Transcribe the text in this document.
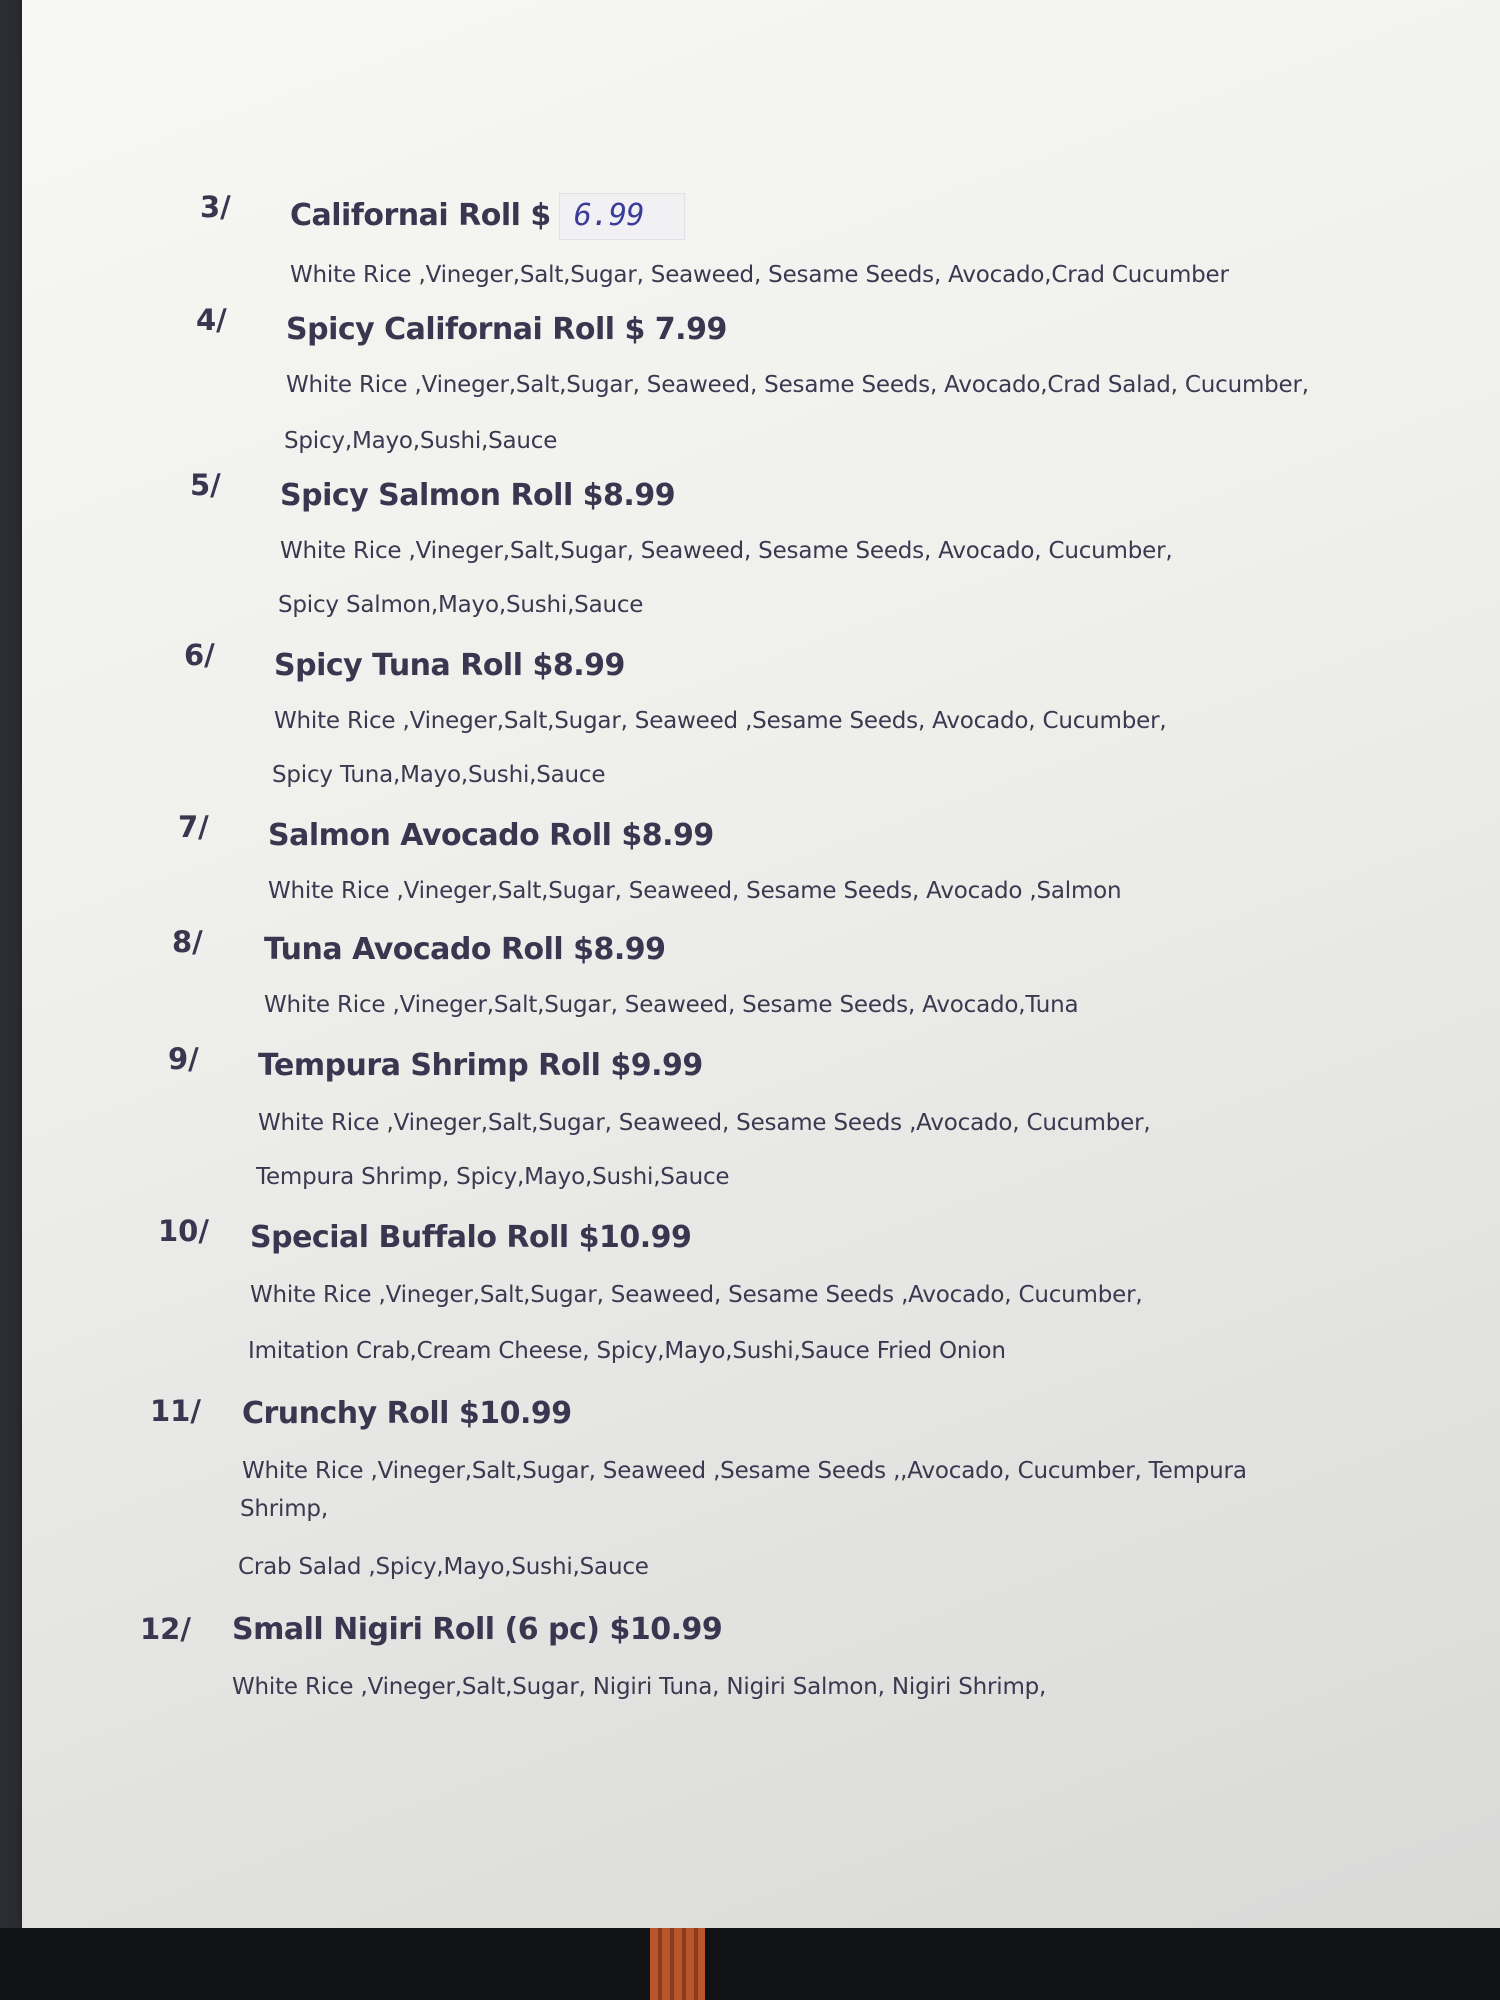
3/ Californai Roll $ 6.99
White Rice ,Vineger,Salt,Sugar, Seaweed, Sesame Seeds, Avocado,Crad Cucumber
4/ Spicy Californai Roll $ 7.99
White Rice ,Vineger,Salt,Sugar, Seaweed, Sesame Seeds, Avocado,Crad Salad, Cucumber,
Spicy,Mayo,Sushi,Sauce
5/ Spicy Salmon Roll $8.99
White Rice ,Vineger,Salt,Sugar, Seaweed, Sesame Seeds, Avocado, Cucumber,
Spicy Salmon,Mayo,Sushi,Sauce
6/ Spicy Tuna Roll $8.99
White Rice ,Vineger,Salt,Sugar, Seaweed ,Sesame Seeds, Avocado, Cucumber,
Spicy Tuna,Mayo,Sushi,Sauce
7/ Salmon Avocado Roll $8.99
White Rice ,Vineger,Salt,Sugar, Seaweed, Sesame Seeds, Avocado ,Salmon
8/ Tuna Avocado Roll $8.99
White Rice ,Vineger,Salt,Sugar, Seaweed, Sesame Seeds, Avocado,Tuna
9/ Tempura Shrimp Roll $9.99
White Rice ,Vineger,Salt,Sugar, Seaweed, Sesame Seeds ,Avocado, Cucumber,
Tempura Shrimp, Spicy,Mayo,Sushi,Sauce
10/ Special Buffalo Roll $10.99
White Rice ,Vineger,Salt,Sugar, Seaweed, Sesame Seeds ,Avocado, Cucumber,
Imitation Crab,Cream Cheese, Spicy,Mayo,Sushi,Sauce Fried Onion
11/ Crunchy Roll $10.99
White Rice ,Vineger,Salt,Sugar, Seaweed ,Sesame Seeds ,,Avocado, Cucumber, Tempura
Shrimp,
Crab Salad ,Spicy,Mayo,Sushi,Sauce
12/ Small Nigiri Roll (6 pc) $10.99
White Rice ,Vineger,Salt,Sugar, Nigiri Tuna, Nigiri Salmon, Nigiri Shrimp,
